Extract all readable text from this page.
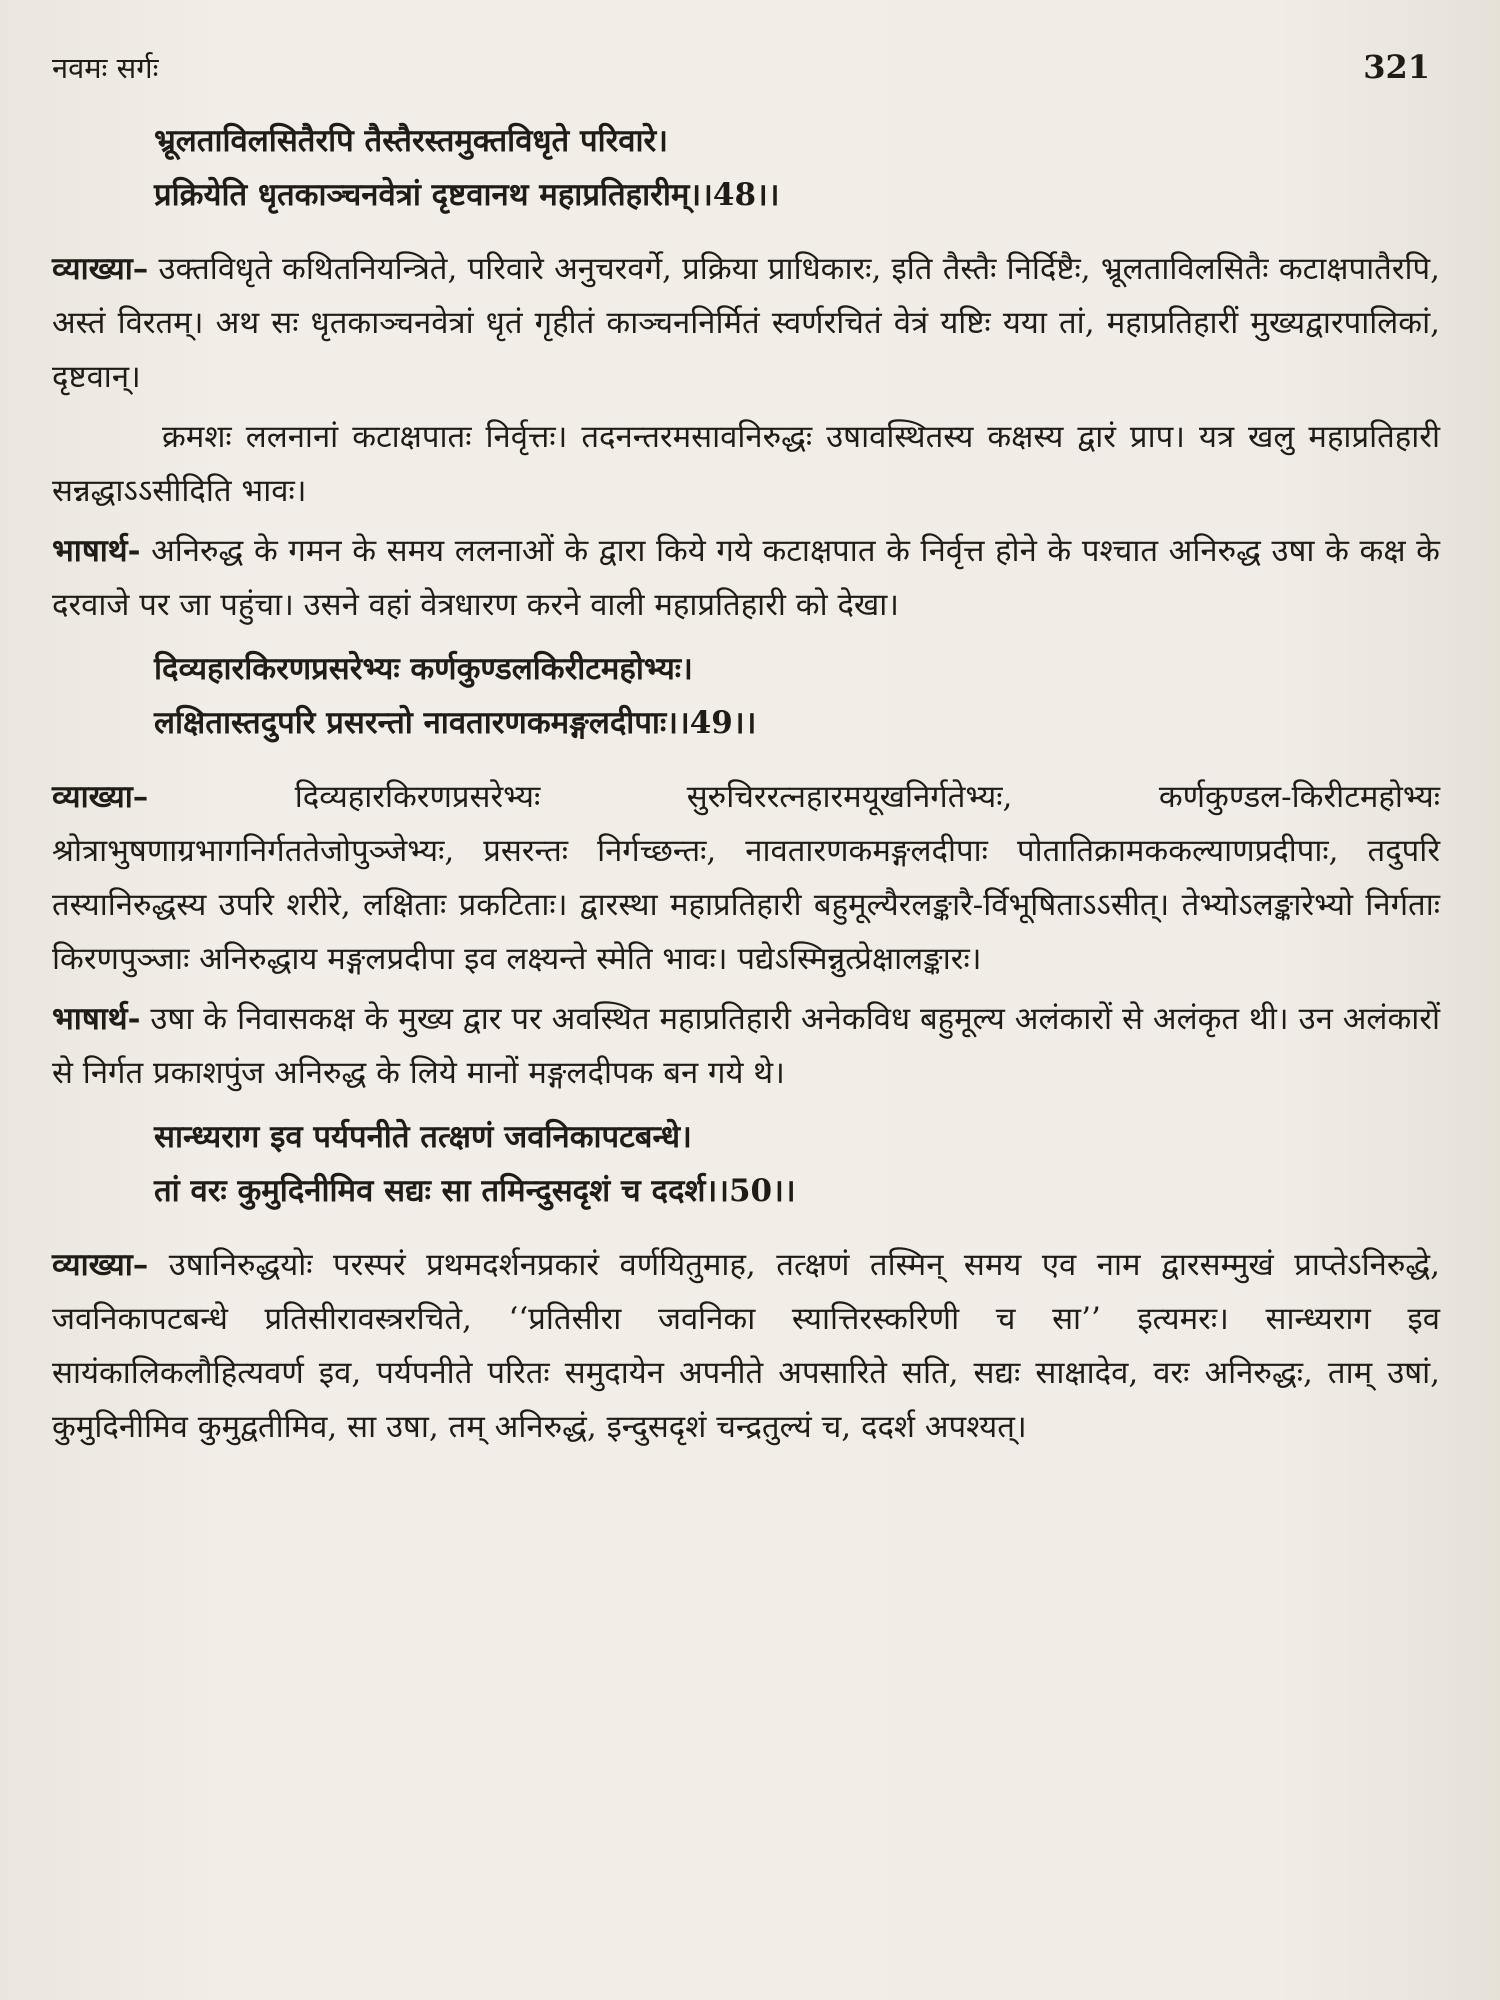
नवमः सर्गः	321
भ्रूलताविलसितैरपि तैस्तैरस्तमुक्तविधृते परिवारे।
प्रक्रियेति धृतकाञ्चनवेत्रां दृष्टवानथ महाप्रतिहारीम्।।48।।

व्याख्या– उक्तविधृते कथितनियन्त्रिते, परिवारे अनुचरवर्गे, प्रक्रिया प्राधिकारः, इति तैस्तैः निर्दिष्टैः, भ्रूलताविलसितैः कटाक्षपातैरपि, अस्तं विरतम्। अथ सः धृतकाञ्चनवेत्रां धृतं गृहीतं काञ्चननिर्मितं स्वर्णरचितं वेत्रं यष्टिः यया तां, महाप्रतिहारीं मुख्यद्वारपालिकां, दृष्टवान्।

क्रमशः ललनानां कटाक्षपातः निर्वृत्तः। तदनन्तरमसावनिरुद्धः उषावस्थितस्य कक्षस्य द्वारं प्राप। यत्र खलु महाप्रतिहारी सन्नद्धाऽऽसीदिति भावः।

भाषार्थ- अनिरुद्ध के गमन के समय ललनाओं के द्वारा किये गये कटाक्षपात के निर्वृत्त होने के पश्चात अनिरुद्ध उषा के कक्ष के दरवाजे पर जा पहुंचा। उसने वहां वेत्रधारण करने वाली महाप्रतिहारी को देखा।

दिव्यहारकिरणप्रसरेभ्यः कर्णकुण्डलकिरीटमहोभ्यः।
लक्षितास्तदुपरि प्रसरन्तो नावतारणकमङ्गलदीपाः।।49।।

व्याख्या– दिव्यहारकिरणप्रसरेभ्यः सुरुचिररत्नहारमयूखनिर्गतेभ्यः, कर्णकुण्डल-किरीटमहोभ्यः श्रोत्राभुषणाग्रभागनिर्गततेजोपुञ्जेभ्यः, प्रसरन्तः निर्गच्छन्तः, नावतारणकमङ्गलदीपाः पोतातिक्रामककल्याणप्रदीपाः, तदुपरि तस्यानिरुद्धस्य उपरि शरीरे, लक्षिताः प्रकटिताः। द्वारस्था महाप्रतिहारी बहुमूल्यैरलङ्कारै-र्विभूषिताऽऽसीत्। तेभ्योऽलङ्कारेभ्यो निर्गताः किरणपुञ्जाः अनिरुद्धाय मङ्गलप्रदीपा इव लक्ष्यन्ते स्मेति भावः। पद्येऽस्मिन्नुत्प्रेक्षालङ्कारः।

भाषार्थ- उषा के निवासकक्ष के मुख्य द्वार पर अवस्थित महाप्रतिहारी अनेकविध बहुमूल्य अलंकारों से अलंकृत थी। उन अलंकारों से निर्गत प्रकाशपुंज अनिरुद्ध के लिये मानों मङ्गलदीपक बन गये थे।

सान्ध्यराग इव पर्यपनीते तत्क्षणं जवनिकापटबन्धे।
तां वरः कुमुदिनीमिव सद्यः सा तमिन्दुसदृशं च ददर्श।।50।।

व्याख्या– उषानिरुद्धयोः परस्परं प्रथमदर्शनप्रकारं वर्णयितुमाह, तत्क्षणं तस्मिन् समय एव नाम द्वारसम्मुखं प्राप्तेऽनिरुद्धे, जवनिकापटबन्धे प्रतिसीरावस्त्ररचिते, ‘‘प्रतिसीरा जवनिका स्यात्तिरस्करिणी च सा’’ इत्यमरः। सान्ध्यराग इव सायंकालिकलौहित्यवर्ण इव, पर्यपनीते परितः समुदायेन अपनीते अपसारिते सति, सद्यः साक्षादेव, वरः अनिरुद्धः, ताम् उषां, कुमुदिनीमिव कुमुद्वतीमिव, सा उषा, तम् अनिरुद्धं, इन्दुसदृशं चन्द्रतुल्यं च, ददर्श अपश्यत्।
